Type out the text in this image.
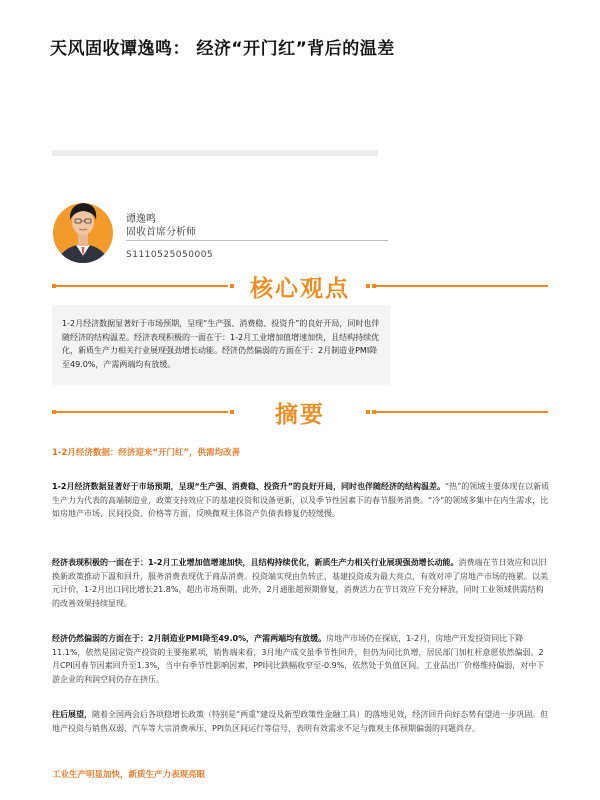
天风固收谭逸鸣： 经济“开门红”背后的温差
谭逸鸣
固收首席分析师
S1110525050005
核心观点

1-2月经济数据显著好于市场预期，呈现“生产强、消费稳、投资升”的良好开局，同时也伴随经济的结构温差。经济表现积极的一面在于：1-2月工业增加值增速加快，且结构持续优化，新质生产力相关行业展现强劲增长动能。经济仍然偏弱的方面在于：2月制造业PMI降至49.0%，产需两端均有放缓。

摘要
1-2月经济数据：经济迎来“开门红”，供需均改善

1-2月经济数据显著好于市场预期，呈现“生产强、消费稳、投资升”的良好开局，同时也伴随经济的结构温差。“热”的领域主要体现在以新质生产力为代表的高端制造业，政策支持效应下的基建投资和设备更新，以及季节性因素下的春节服务消费。“冷”的领域多集中在内生需求，比如房地产市场、民间投资、价格等方面，反映微观主体资产负债表修复仍较缓慢。

经济表现积极的一面在于：1-2月工业增加值增速加快，且结构持续优化，新质生产力相关行业展现强劲增长动能。消费端在节日效应和以旧换新政策推动下温和回升，服务消费表现优于商品消费。投资端实现由负转正，基建投资成为最大亮点，有效对冲了房地产市场的拖累。以美元计价，1-2月出口同比增长21.8%，超出市场预期。此外，2月通胀超预期修复，消费活力在节日效应下充分释放，同时工业领域供需结构的改善效果持续显现。

经济仍然偏弱的方面在于：2月制造业PMI降至49.0%，产需两端均有放缓。房地产市场仍在探底，1-2月，房地产开发投资同比下降11.1%，依然是固定资产投资的主要拖累项，销售端来看，3月地产成交虽季节性回升，但仍为同比负增，居民部门加杠杆意愿依然偏弱。2月CPI因春节因素回升至1.3%，当中有季节性影响因素，PPI同比跌幅收窄至-0.9%，依然处于负值区间。工业品出厂价格维持偏弱，对中下游企业的利润空间仍存在挤压。

往后展望，随着全国两会后各项稳增长政策（特别是“两重”建设及新型政策性金融工具）的落地见效，经济回升向好态势有望进一步巩固。但地产投资与销售双弱、汽车等大宗消费承压、PPI负区间运行等信号，表明有效需求不足与微观主体预期偏弱的问题尚存。

工业生产明显加快，新质生产力表现亮眼
